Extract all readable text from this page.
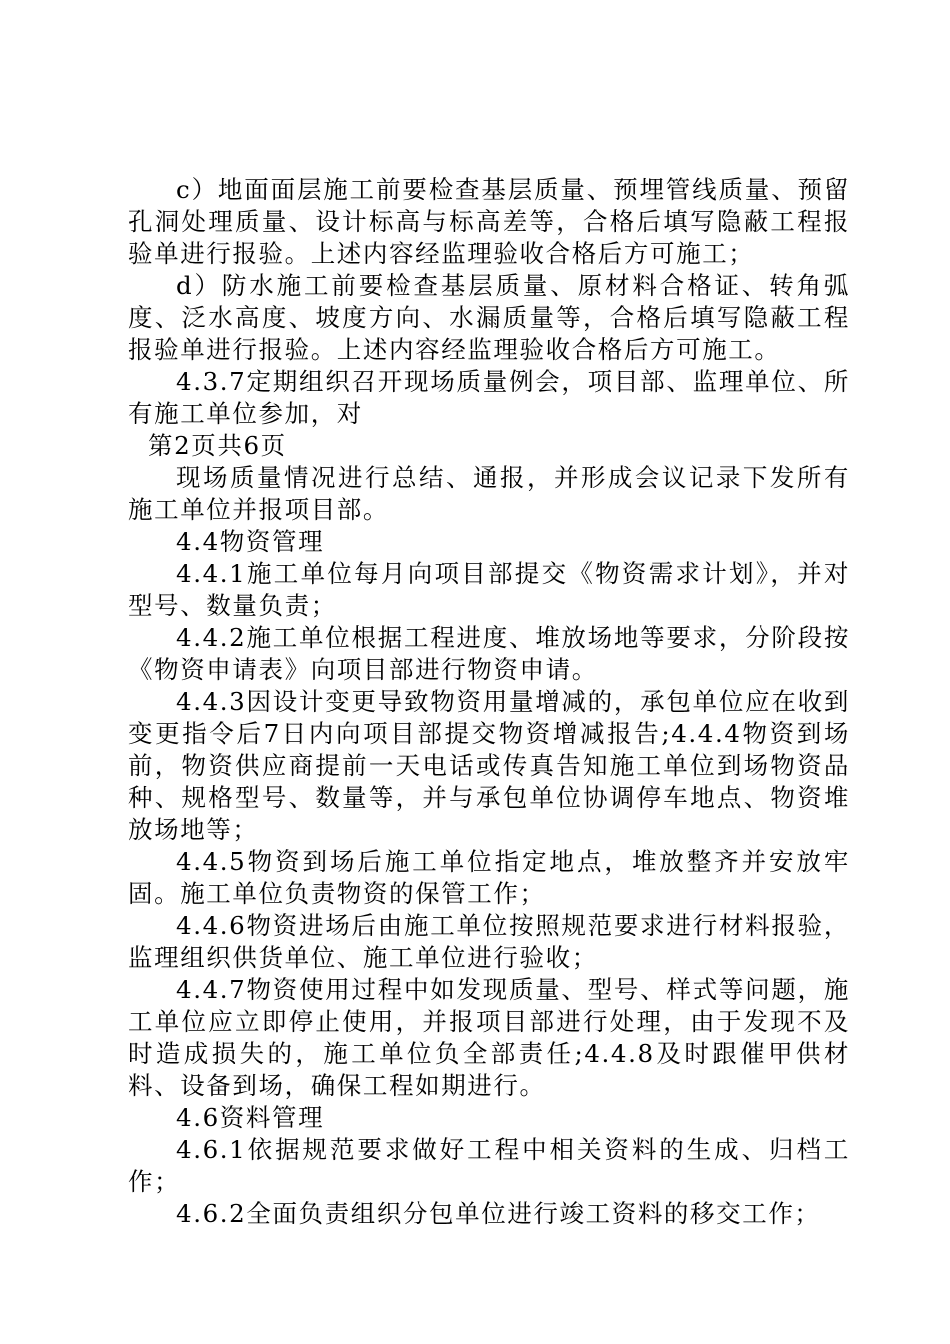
c）地面面层施工前要检查基层质量、预埋管线质量、预留孔洞处理质量、设计标高与标高差等，合格后填写隐蔽工程报验单进行报验。上述内容经监理验收合格后方可施工；

d）防水施工前要检查基层质量、原材料合格证、转角弧度、泛水高度、坡度方向、水漏质量等，合格后填写隐蔽工程报验单进行报验。上述内容经监理验收合格后方可施工。

4.3.7定期组织召开现场质量例会，项目部、监理单位、所有施工单位参加，对

第2页共6页

现场质量情况进行总结、通报，并形成会议记录下发所有施工单位并报项目部。

4.4物资管理

4.4.1施工单位每月向项目部提交《物资需求计划》，并对型号、数量负责；

4.4.2施工单位根据工程进度、堆放场地等要求，分阶段按《物资申请表》向项目部进行物资申请。

4.4.3因设计变更导致物资用量增减的，承包单位应在收到变更指令后7日内向项目部提交物资增减报告;4.4.4物资到场前，物资供应商提前一天电话或传真告知施工单位到场物资品种、规格型号、数量等，并与承包单位协调停车地点、物资堆放场地等；

4.4.5物资到场后施工单位指定地点，堆放整齐并安放牢固。施工单位负责物资的保管工作；

4.4.6物资进场后由施工单位按照规范要求进行材料报验，监理组织供货单位、施工单位进行验收；

4.4.7物资使用过程中如发现质量、型号、样式等问题，施工单位应立即停止使用，并报项目部进行处理，由于发现不及时造成损失的，施工单位负全部责任;4.4.8及时跟催甲供材料、设备到场，确保工程如期进行。

4.6资料管理

4.6.1依据规范要求做好工程中相关资料的生成、归档工作；

4.6.2全面负责组织分包单位进行竣工资料的移交工作；
